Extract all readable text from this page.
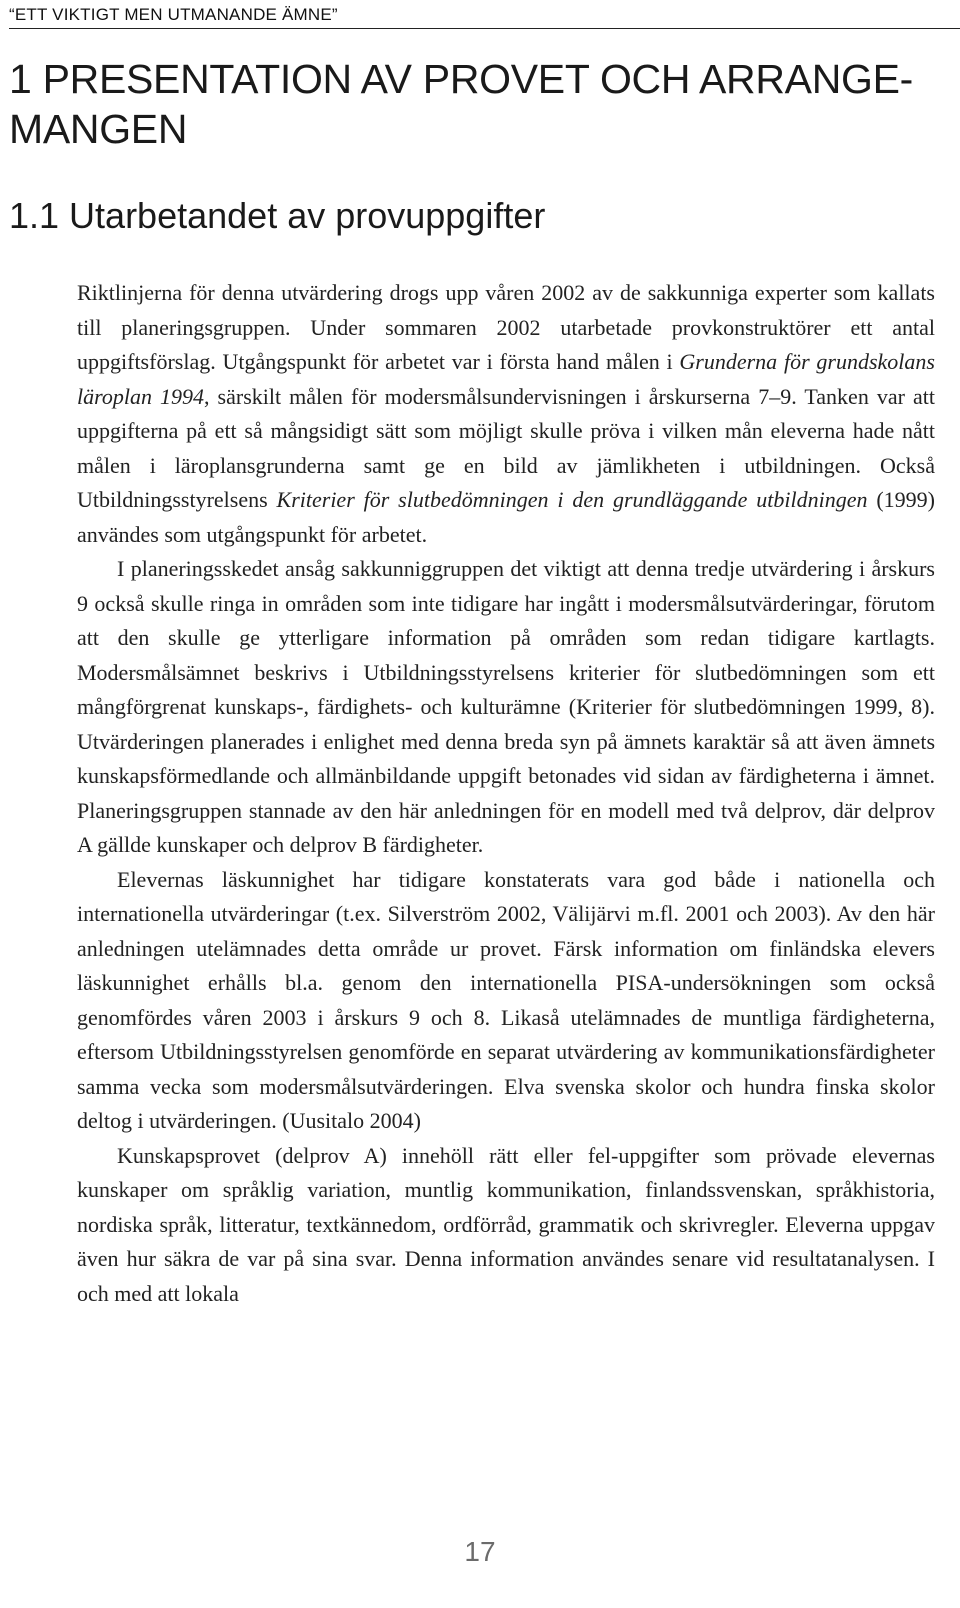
“ETT VIKTIGT MEN UTMANANDE ÄMNE”
1 PRESENTATION AV PROVET OCH ARRANGE- MANGEN
1.1 Utarbetandet av provuppgifter

Riktlinjerna för denna utvärdering drogs upp våren 2002 av de sakkunniga experter som kallats till planeringsgruppen. Under sommaren 2002 utarbetade provkonstruktörer ett antal uppgiftsförslag. Utgångspunkt för arbetet var i första hand målen i Grunderna för grundskolans läroplan 1994, särskilt målen för modersmålsundervisningen i årskurserna 7–9. Tanken var att uppgifterna på ett så mångsidigt sätt som möjligt skulle pröva i vilken mån eleverna hade nått målen i läroplansgrunderna samt ge en bild av jämlikheten i utbildningen. Också Utbildningsstyrelsens Kriterier för slutbedömningen i den grundläggande utbildningen (1999) användes som utgångspunkt för arbetet.

I planeringsskedet ansåg sakkunniggruppen det viktigt att denna tredje utvärdering i årskurs 9 också skulle ringa in områden som inte tidigare har ingått i modersmålsutvärderingar, förutom att den skulle ge ytterligare information på områden som redan tidigare kartlagts. Modersmålsämnet beskrivs i Utbildningsstyrelsens kriterier för slutbedömningen som ett mångförgrenat kunskaps-, färdighets- och kulturämne (Kriterier för slutbedömningen 1999, 8). Utvärderingen planerades i enlighet med denna breda syn på ämnets karaktär så att även ämnets kunskapsförmedlande och allmänbildande uppgift betonades vid sidan av färdigheterna i ämnet. Planeringsgruppen stannade av den här anledningen för en modell med två delprov, där delprov A gällde kunskaper och delprov B färdigheter.

Elevernas läskunnighet har tidigare konstaterats vara god både i nationella och internationella utvärderingar (t.ex. Silverström 2002, Välijärvi m.fl. 2001 och 2003). Av den här anledningen utelämnades detta område ur provet. Färsk information om finländska elevers läskunnighet erhålls bl.a. genom den internationella PISA-undersökningen som också genomfördes våren 2003 i årskurs 9 och 8. Likaså utelämnades de muntliga färdigheterna, eftersom Utbildningsstyrelsen genomförde en separat utvärdering av kommunikationsfärdigheter samma vecka som modersmålsutvärderingen. Elva svenska skolor och hundra finska skolor deltog i utvärderingen. (Uusitalo 2004)

Kunskapsprovet (delprov A) innehöll rätt eller fel-uppgifter som prövade elevernas kunskaper om språklig variation, muntlig kommunikation, finlandssvenskan, språkhistoria, nordiska språk, litteratur, textkännedom, ordförråd, grammatik och skrivregler. Eleverna uppgav även hur säkra de var på sina svar. Denna information användes senare vid resultatanalysen. I och med att lokala

17
